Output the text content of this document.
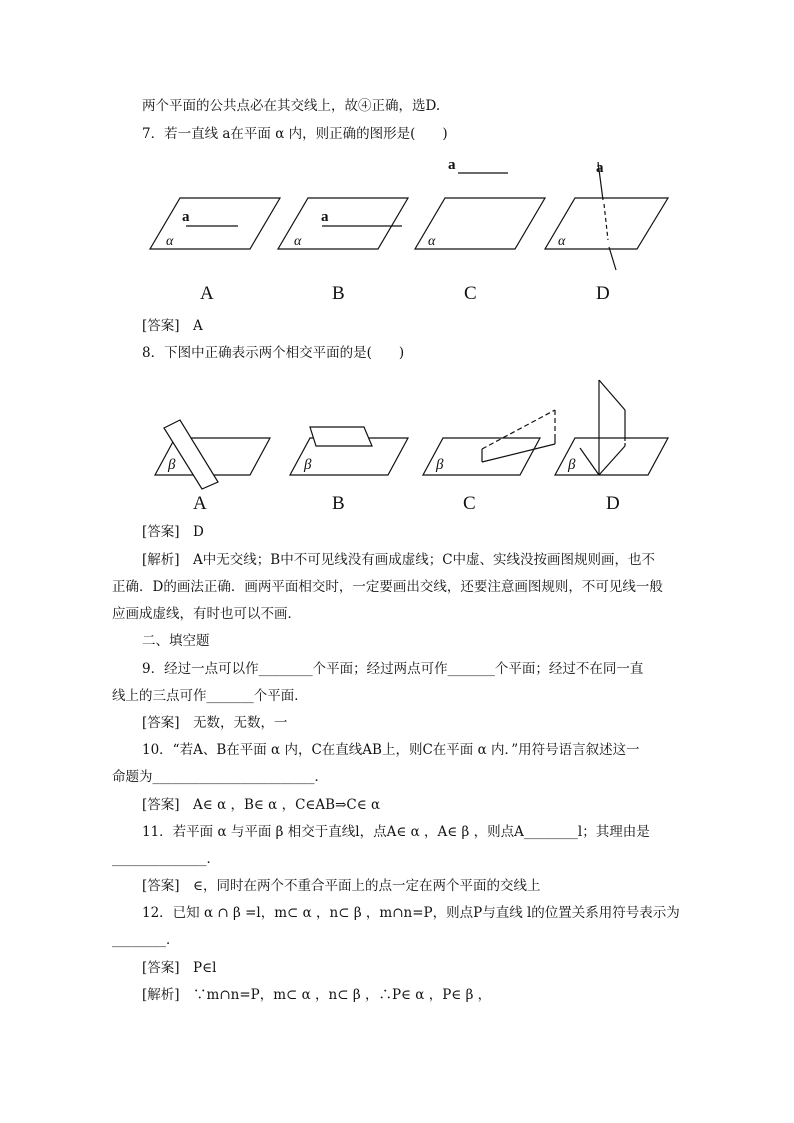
两个平面的公共点必在其交线上，故④正确，选D.
7．若一直线 a在平面 α 内，则正确的图形是(　　)
a	a
a	a
α	α	α	α
A	B	C	D
[答案]　A
8．下图中正确表示两个相交平面的是(　　)
β	β	β	β
A	B	C	D
[答案]　D
[解析]　A中无交线；B中不可见线没有画成虚线；C中虚、实线没按画图规则画，也不
正确．D的画法正确．画两平面相交时，一定要画出交线，还要注意画图规则，不可见线一般
应画成虚线，有时也可以不画．
二、填空题
9．经过一点可以作________个平面；经过两点可作_______个平面；经过不在同一直
线上的三点可作_______个平面．
[答案]　无数，无数，一
10．“若A、B在平面 α 内，C在直线AB上，则C在平面 α 内．”用符号语言叙述这一
命题为________________________．
[答案]　A∈ α ，B∈ α ，C∈AB⇒C∈ α
11．若平面 α 与平面 β 相交于直线l，点A∈ α ，A∈ β ，则点A________l；其理由是
______________．
[答案]　∈，同时在两个不重合平面上的点一定在两个平面的交线上
12．已知 α ∩ β =l，m⊂ α ，n⊂ β ，m∩n=P，则点P与直线 l的位置关系用符号表示为
________．
[答案]　P∈l
[解析]　∵m∩n=P，m⊂ α ，n⊂ β ，∴P∈ α ，P∈ β ，
